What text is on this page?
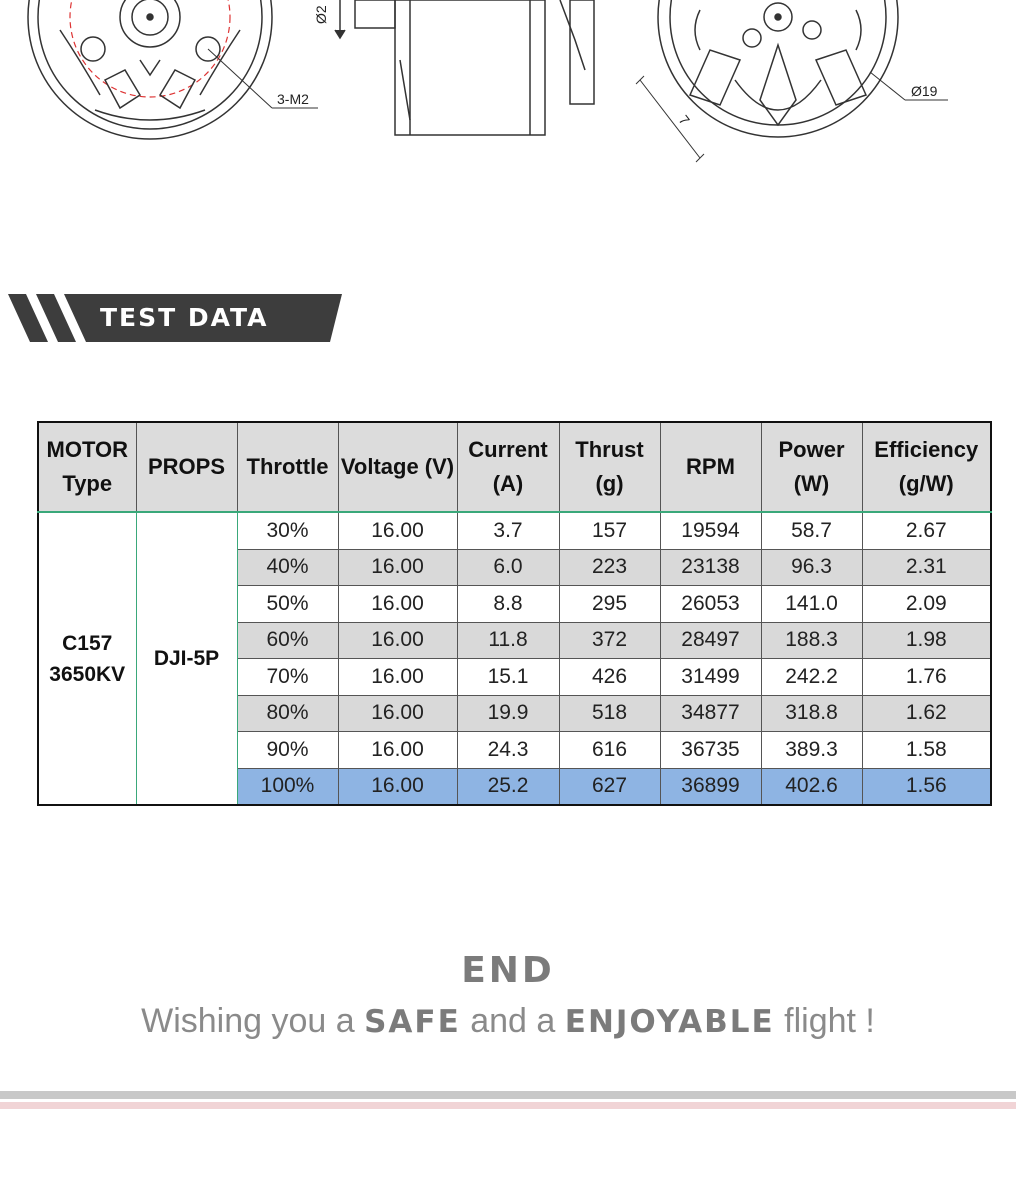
3-M2
Ø2
Ø19
7
TEST DATA
MOTOR Type	PROPS	Throttle	Voltage (V)	Current (A)	Thrust (g)	RPM	Power (W)	Efficiency (g/W)
C157 3650KV	DJI-5P	30%	16.00	3.7	157	19594	58.7	2.67
		40%	16.00	6.0	223	23138	96.3	2.31
		50%	16.00	8.8	295	26053	141.0	2.09
		60%	16.00	11.8	372	28497	188.3	1.98
		70%	16.00	15.1	426	31499	242.2	1.76
		80%	16.00	19.9	518	34877	318.8	1.62
		90%	16.00	24.3	616	36735	389.3	1.58
		100%	16.00	25.2	627	36899	402.6	1.56
END
Wishing you a SAFE and a ENJOYABLE flight !
